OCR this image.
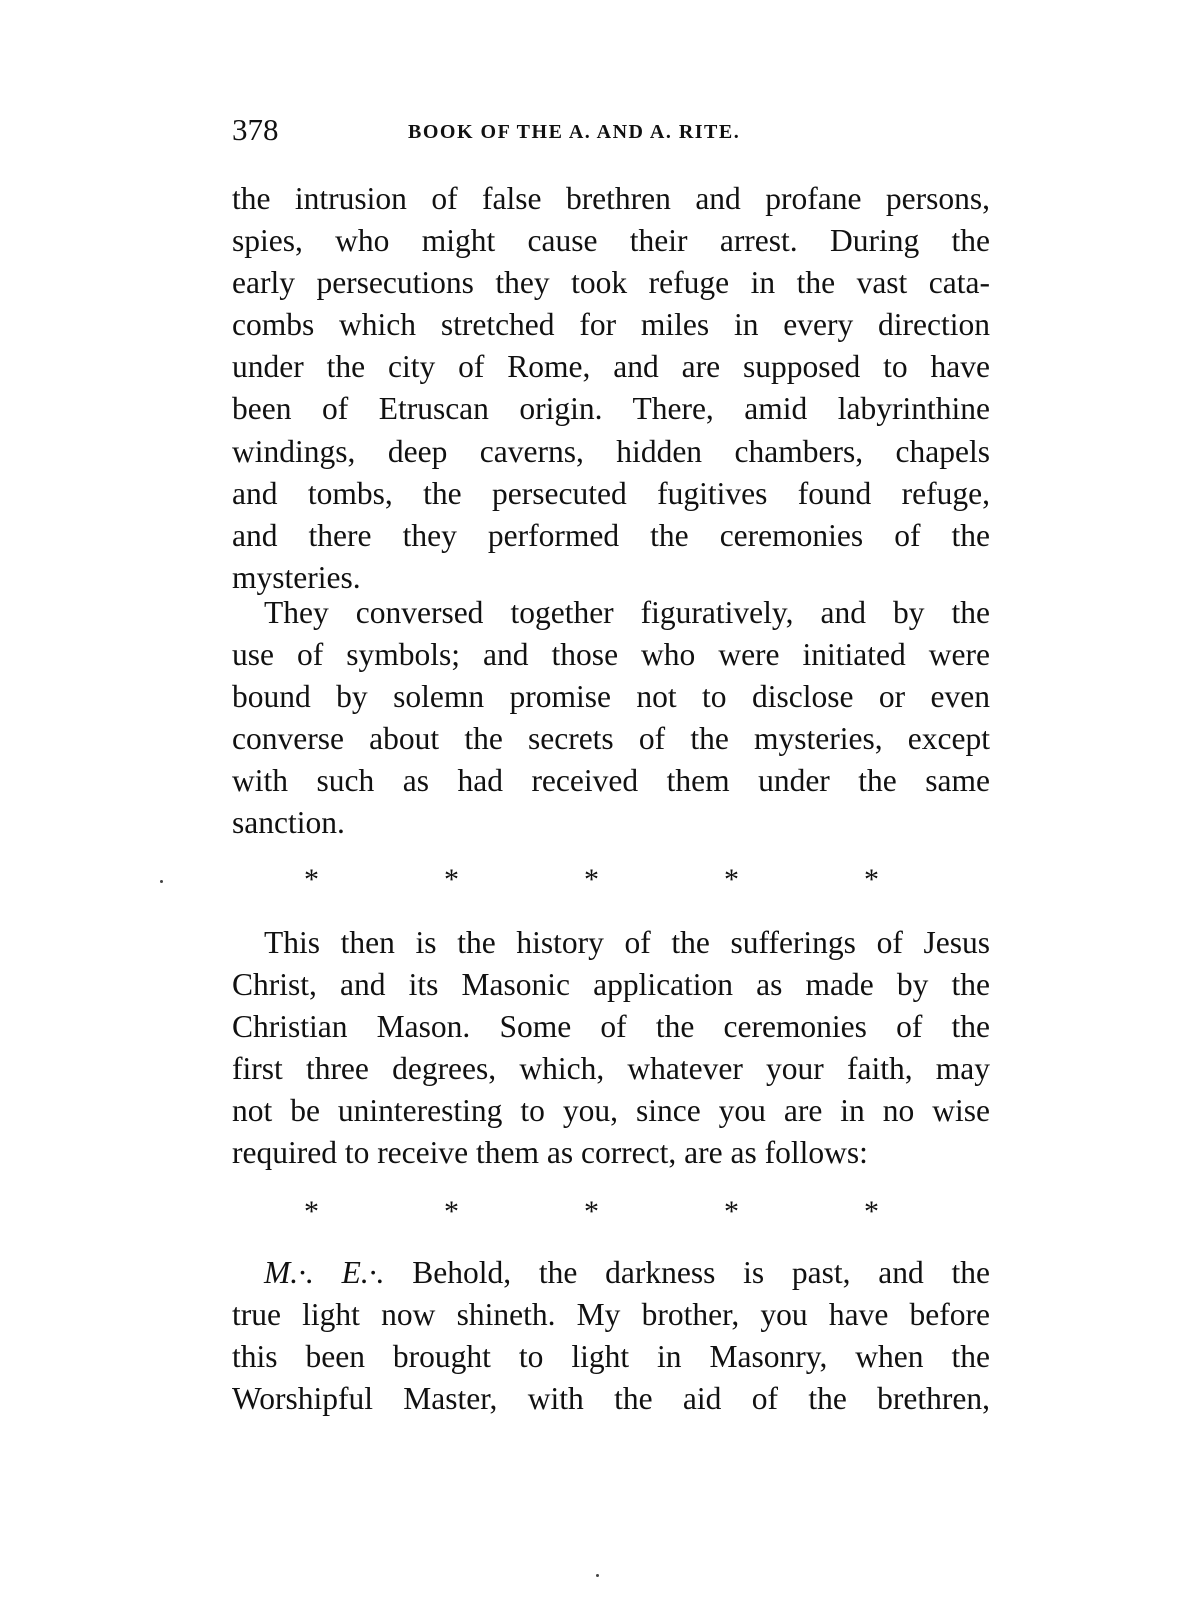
378	BOOK OF THE A. AND A. RITE.
the intrusion of false brethren and profane persons,
spies, who might cause their arrest. During the
early persecutions they took refuge in the vast cata-
combs which stretched for miles in every direction
under the city of Rome, and are supposed to have
been of Etruscan origin. There, amid labyrinthine
windings, deep caverns, hidden chambers, chapels
and tombs, the persecuted fugitives found refuge,
and there they performed the ceremonies of the
mysteries.
They conversed together figuratively, and by the
use of symbols; and those who were initiated were
bound by solemn promise not to disclose or even
converse about the secrets of the mysteries, except
with such as had received them under the same
sanction.
*	*	*	*	*
This then is the history of the sufferings of Jesus
Christ, and its Masonic application as made by the
Christian Mason. Some of the ceremonies of the
first three degrees, which, whatever your faith, may
not be uninteresting to you, since you are in no wise
required to receive them as correct, are as follows:
*	*	*	*	*
M.·. E.·. Behold, the darkness is past, and the
true light now shineth. My brother, you have before
this been brought to light in Masonry, when the
Worshipful Master, with the aid of the brethren,
